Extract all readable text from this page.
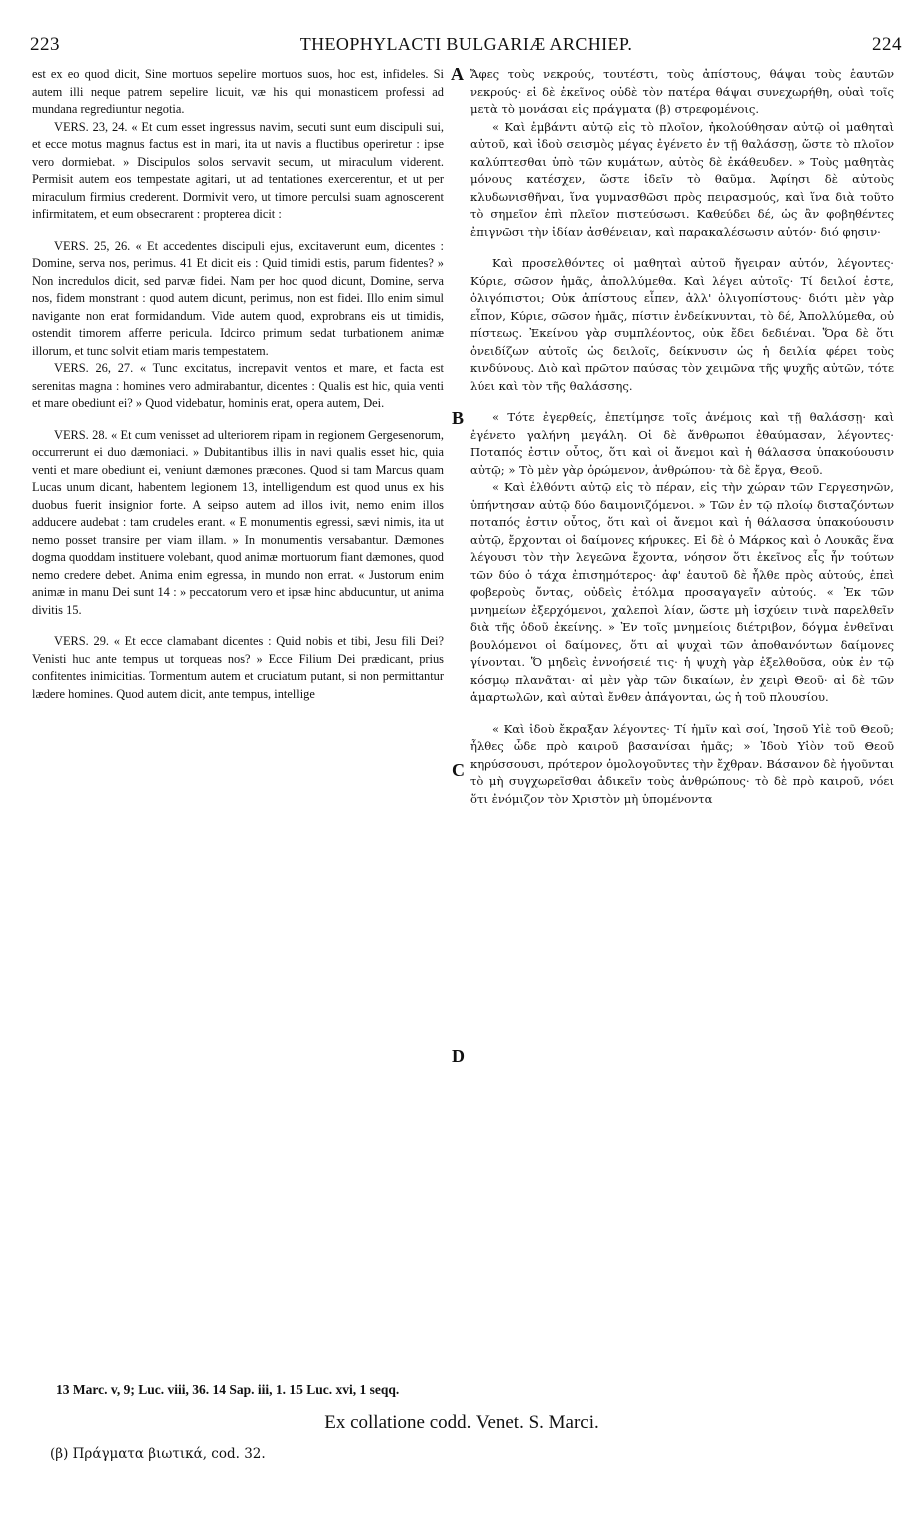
223	THEOPHYLACTI BULGARIÆ ARCHIEP.	224

est ex eo quod dicit, Sine mortuos sepelire mortuos suos, hoc est, infideles. Si autem illi neque patrem sepelire licuit, væ his qui monasticem professi ad mundana regrediuntur negotia.

VERS. 23, 24. « Et cum esset ingressus navim, secuti sunt eum discipuli sui, et ecce motus magnus factus est in mari, ita ut navis a fluctibus operiretur : ipse vero dormiebat. » Discipulos solos servavit secum, ut miraculum viderent. Permisit autem eos tempestate agitari, ut ad tentationes exercerentur, et ut per miraculum firmius crederent. Dormivit vero, ut timore perculsi suam agnoscerent infirmitatem, et eum obsecrarent : propterea dicit :

VERS. 25, 26. « Et accedentes discipuli ejus, excitaverunt eum, dicentes : Domine, serva nos, perimus. 41 Et dicit eis : Quid timidi estis, parum fidentes? » Non incredulos dicit, sed parvæ fidei. Nam per hoc quod dicunt, Domine, serva nos, fidem monstrant : quod autem dicunt, perimus, non est fidei. Illo enim simul navigante non erat formidandum. Vide autem quod, exprobrans eis ut timidis, ostendit timorem afferre pericula. Idcirco primum sedat turbationem animæ illorum, et tunc solvit etiam maris tempestatem.

VERS. 26, 27. « Tunc excitatus, increpavit ventos et mare, et facta est serenitas magna : homines vero admirabantur, dicentes : Qualis est hic, quia venti et mare obediunt ei? » Quod videbatur, hominis erat, opera autem, Dei.

VERS. 28. « Et cum venisset ad ulteriorem ripam in regionem Gergesenorum, occurrerunt ei duo dæmoniaci. » Dubitantibus illis in navi qualis esset hic, quia venti et mare obediunt ei, veniunt dæmones præcones. Quod si tam Marcus quam Lucas unum dicant, habentem legionem 13, intelligendum est quod unus ex his duobus fuerit insignior forte. A seipso autem ad illos ivit, nemo enim illos adducere audebat : tam crudeles erant. « E monumentis egressi, sævi nimis, ita ut nemo posset transire per viam illam. » In monumentis versabantur. Dæmones dogma quoddam instituere volebant, quod animæ mortuorum fiant dæmones, quod nemo credere debet. Anima enim egressa, in mundo non errat. « Justorum enim animæ in manu Dei sunt 14 : » peccatorum vero et ipsæ hinc abducuntur, ut anima divitis 15.

VERS. 29. « Et ecce clamabant dicentes : Quid nobis et tibi, Jesu fili Dei? Venisti huc ante tempus ut torqueas nos? » Ecce Filium Dei prædicant, prius confitentes inimicitias. Tormentum autem et cruciatum putant, si non permittantur lædere homines. Quod autem dicit, ante tempus, intellige

Ἄφες τοὺς νεκρούς, τουτέστι, τοὺς ἀπίστους, θάψαι τοὺς ἑαυτῶν νεκρούς· εἰ δὲ ἐκεῖνος οὐδὲ τὸν πατέρα θάψαι συνεχωρήθη, οὐαὶ τοῖς μετὰ τὸ μονάσαι εἰς πράγματα (β) στρεφομένοις.

« Καὶ ἐμβάντι αὐτῷ εἰς τὸ πλοῖον, ἠκολούθησαν αὐτῷ οἱ μαθηταὶ αὐτοῦ, καὶ ἰδοὺ σεισμὸς μέγας ἐγένετο ἐν τῇ θαλάσσῃ, ὥστε τὸ πλοῖον καλύπτεσθαι ὑπὸ τῶν κυμάτων, αὐτὸς δὲ ἐκάθευδεν. » Τοὺς μαθητὰς μόνους κατέσχεν, ὥστε ἰδεῖν τὸ θαῦμα. Ἀφίησι δὲ αὐτοὺς κλυδωνισθῆναι, ἵνα γυμνασθῶσι πρὸς πειρασμούς, καὶ ἵνα διὰ τοῦτο τὸ σημεῖον ἐπὶ πλεῖον πιστεύσωσι. Καθεύδει δέ, ὡς ἂν φοβηθέντες ἐπιγνῶσι τὴν ἰδίαν ἀσθένειαν, καὶ παρακαλέσωσιν αὐτόν· διό φησιν·

Καὶ προσελθόντες οἱ μαθηταὶ αὐτοῦ ἤγειραν αὐτόν, λέγοντες· Κύριε, σῶσον ἡμᾶς, ἀπολλύμεθα. Καὶ λέγει αὐτοῖς· Τί δειλοί ἐστε, ὀλιγόπιστοι; Οὐκ ἀπίστους εἶπεν, ἀλλ' ὀλιγοπίστους· διότι μὲν γὰρ εἶπον, Κύριε, σῶσον ἡμᾶς, πίστιν ἐνδείκνυνται, τὸ δέ, Ἀπολλύμεθα, οὐ πίστεως. Ἐκείνου γὰρ συμπλέοντος, οὐκ ἔδει δεδιέναι. Ὅρα δὲ ὅτι ὀνειδίζων αὐτοῖς ὡς δειλοῖς, δείκνυσιν ὡς ἡ δειλία φέρει τοὺς κινδύνους. Διὸ καὶ πρῶτον παύσας τὸν χειμῶνα τῆς ψυχῆς αὐτῶν, τότε λύει καὶ τὸν τῆς θαλάσσης.

« Τότε ἐγερθείς, ἐπετίμησε τοῖς ἀνέμοις καὶ τῇ θαλάσσῃ· καὶ ἐγένετο γαλήνη μεγάλη. Οἱ δὲ ἄνθρωποι ἐθαύμασαν, λέγοντες· Ποταπός ἐστιν οὗτος, ὅτι καὶ οἱ ἄνεμοι καὶ ἡ θάλασσα ὑπακούουσιν αὐτῷ; » Τὸ μὲν γὰρ ὁρώμενον, ἀνθρώπου· τὰ δὲ ἔργα, Θεοῦ.

« Καὶ ἐλθόντι αὐτῷ εἰς τὸ πέραν, εἰς τὴν χώραν τῶν Γεργεσηνῶν, ὑπήντησαν αὐτῷ δύο δαιμονιζόμενοι. » Τῶν ἐν τῷ πλοίῳ δισταζόντων ποταπός ἐστιν οὗτος, ὅτι καὶ οἱ ἄνεμοι καὶ ἡ θάλασσα ὑπακούουσιν αὐτῷ, ἔρχονται οἱ δαίμονες κήρυκες. Εἰ δὲ ὁ Μάρκος καὶ ὁ Λουκᾶς ἕνα λέγουσι τὸν τὴν λεγεῶνα ἔχοντα, νόησον ὅτι ἐκεῖνος εἷς ἦν τούτων τῶν δύο ὁ τάχα ἐπισημότερος· ἀφ' ἑαυτοῦ δὲ ἦλθε πρὸς αὐτούς, ἐπεὶ φοβεροὺς ὄντας, οὐδεὶς ἐτόλμα προσαγαγεῖν αὐτούς. « Ἐκ τῶν μνημείων ἐξερχόμενοι, χαλεποὶ λίαν, ὥστε μὴ ἰσχύειν τινὰ παρελθεῖν διὰ τῆς ὁδοῦ ἐκείνης. » Ἐν τοῖς μνημείοις διέτριβον, δόγμα ἐνθεῖναι βουλόμενοι οἱ δαίμονες, ὅτι αἱ ψυχαὶ τῶν ἀποθανόντων δαίμονες γίνονται. Ὅ μηδεὶς ἐννοήσειέ τις· ἡ ψυχὴ γὰρ ἐξελθοῦσα, οὐκ ἐν τῷ κόσμῳ πλανᾶται· αἱ μὲν γὰρ τῶν δικαίων, ἐν χειρὶ Θεοῦ· αἱ δὲ τῶν ἁμαρτωλῶν, καὶ αὐταὶ ἔνθεν ἀπάγονται, ὡς ἡ τοῦ πλουσίου.

« Καὶ ἰδοὺ ἔκραξαν λέγοντες· Τί ἡμῖν καὶ σοί, Ἰησοῦ Υἱὲ τοῦ Θεοῦ; ἦλθες ὧδε πρὸ καιροῦ βασανίσαι ἡμᾶς; » Ἰδοὺ Υἱὸν τοῦ Θεοῦ κηρύσσουσι, πρότερον ὁμολογοῦντες τὴν ἔχθραν. Βάσανον δὲ ἡγοῦνται τὸ μὴ συγχωρεῖσθαι ἀδικεῖν τοὺς ἀνθρώπους· τὸ δὲ πρὸ καιροῦ, νόει ὅτι ἐνόμιζον τὸν Χριστὸν μὴ ὑπομένοντα

A
B
C
D
13 Marc. v, 9; Luc. viii, 36. 14 Sap. iii, 1. 15 Luc. xvi, 1 seqq.
Ex collatione codd. Venet. S. Marci.
(β) Πράγματα βιωτικά, cod. 32.
